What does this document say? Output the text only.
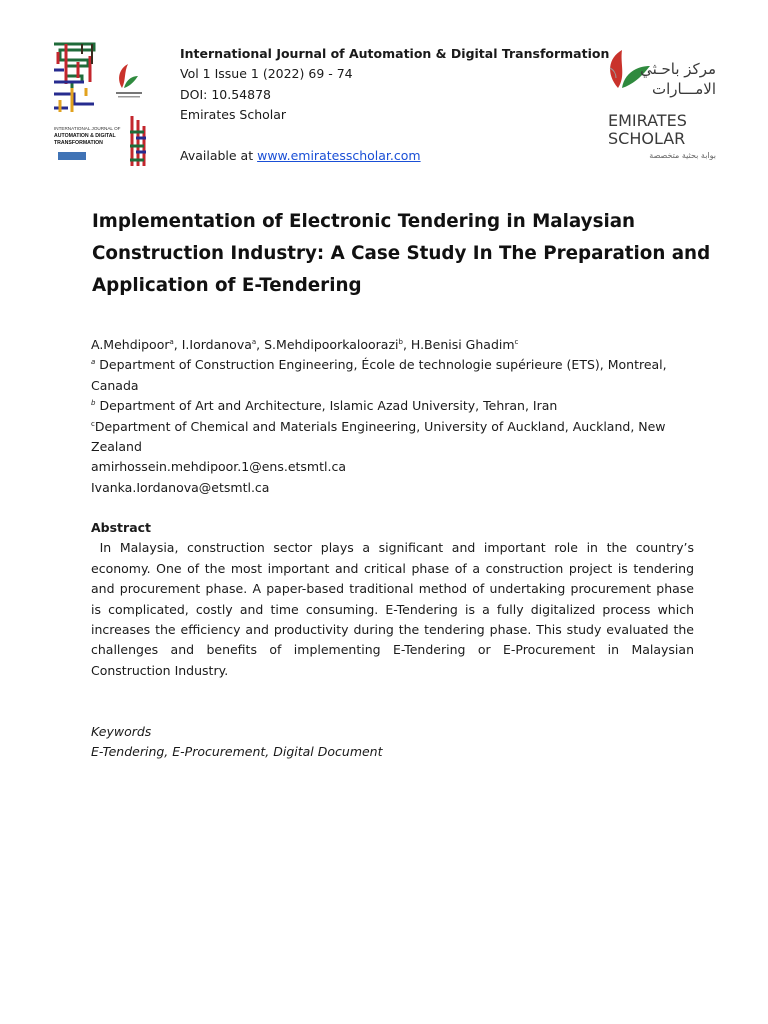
INTERNATIONAL JOURNAL OF
AUTOMATION & DIGITAL
TRANSFORMATION
International Journal of Automation & Digital Transformation
Vol 1 Issue 1 (2022) 69 - 74
DOI: 10.54878
Emirates Scholar
Available at www.emiratesscholar.com
مركز باحـثي
الامـــارات
EMIRATES
SCHOLAR
بوابة بحثية متخصصة
Implementation of Electronic Tendering in Malaysian
Construction Industry: A Case Study In The Preparation and
Application of E-Tendering
A.Mehdipoor$^a$, I.Iordanova$^a$, S.Mehdipoorkaloorazi$^b$, H.Benisi Ghadim$^c$
$^a$ Department of Construction Engineering, École de technologie supérieure (ETS), Montreal,
Canada
$^b$ Department of Art and Architecture, Islamic Azad University, Tehran, Iran
$^c$Department of Chemical and Materials Engineering, University of Auckland, Auckland, New
Zealand
amirhossein.mehdipoor.1@ens.etsmtl.ca
Ivanka.Iordanova@etsmtl.ca
Abstract
In Malaysia, construction sector plays a significant and important role in the country’s economy. One of the most important and critical phase of a construction project is tendering and procurement phase. A paper-based traditional method of undertaking procurement phase is complicated, costly and time consuming. E-Tendering is a fully digitalized process which increases the efficiency and productivity during the tendering phase. This study evaluated the challenges and benefits of implementing E-Tendering or E-Procurement in Malaysian Construction Industry.
Keywords
E-Tendering, E-Procurement, Digital Document
